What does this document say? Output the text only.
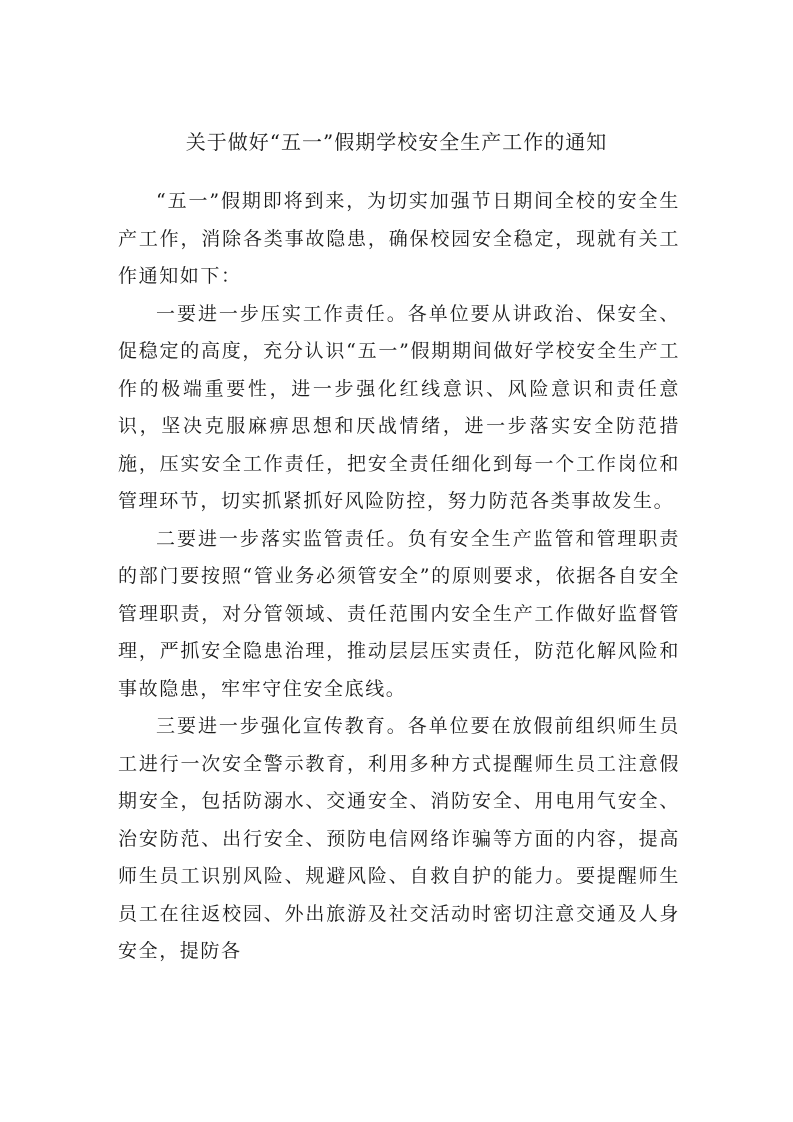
关于做好“五一”假期学校安全生产工作的通知

“五一”假期即将到来，为切实加强节日期间全校的安全生产工作，消除各类事故隐患，确保校园安全稳定，现就有关工作通知如下：

一要进一步压实工作责任。各单位要从讲政治、保安全、促稳定的高度，充分认识“五一”假期期间做好学校安全生产工作的极端重要性，进一步强化红线意识、风险意识和责任意识，坚决克服麻痹思想和厌战情绪，进一步落实安全防范措施，压实安全工作责任，把安全责任细化到每一个工作岗位和管理环节，切实抓紧抓好风险防控，努力防范各类事故发生。

二要进一步落实监管责任。负有安全生产监管和管理职责的部门要按照“管业务必须管安全”的原则要求，依据各自安全管理职责，对分管领域、责任范围内安全生产工作做好监督管理，严抓安全隐患治理，推动层层压实责任，防范化解风险和事故隐患，牢牢守住安全底线。

三要进一步强化宣传教育。各单位要在放假前组织师生员工进行一次安全警示教育，利用多种方式提醒师生员工注意假期安全，包括防溺水、交通安全、消防安全、用电用气安全、治安防范、出行安全、预防电信网络诈骗等方面的内容，提高师生员工识别风险、规避风险、自救自护的能力。要提醒师生员工在往返校园、外出旅游及社交活动时密切注意交通及人身安全，提防各
